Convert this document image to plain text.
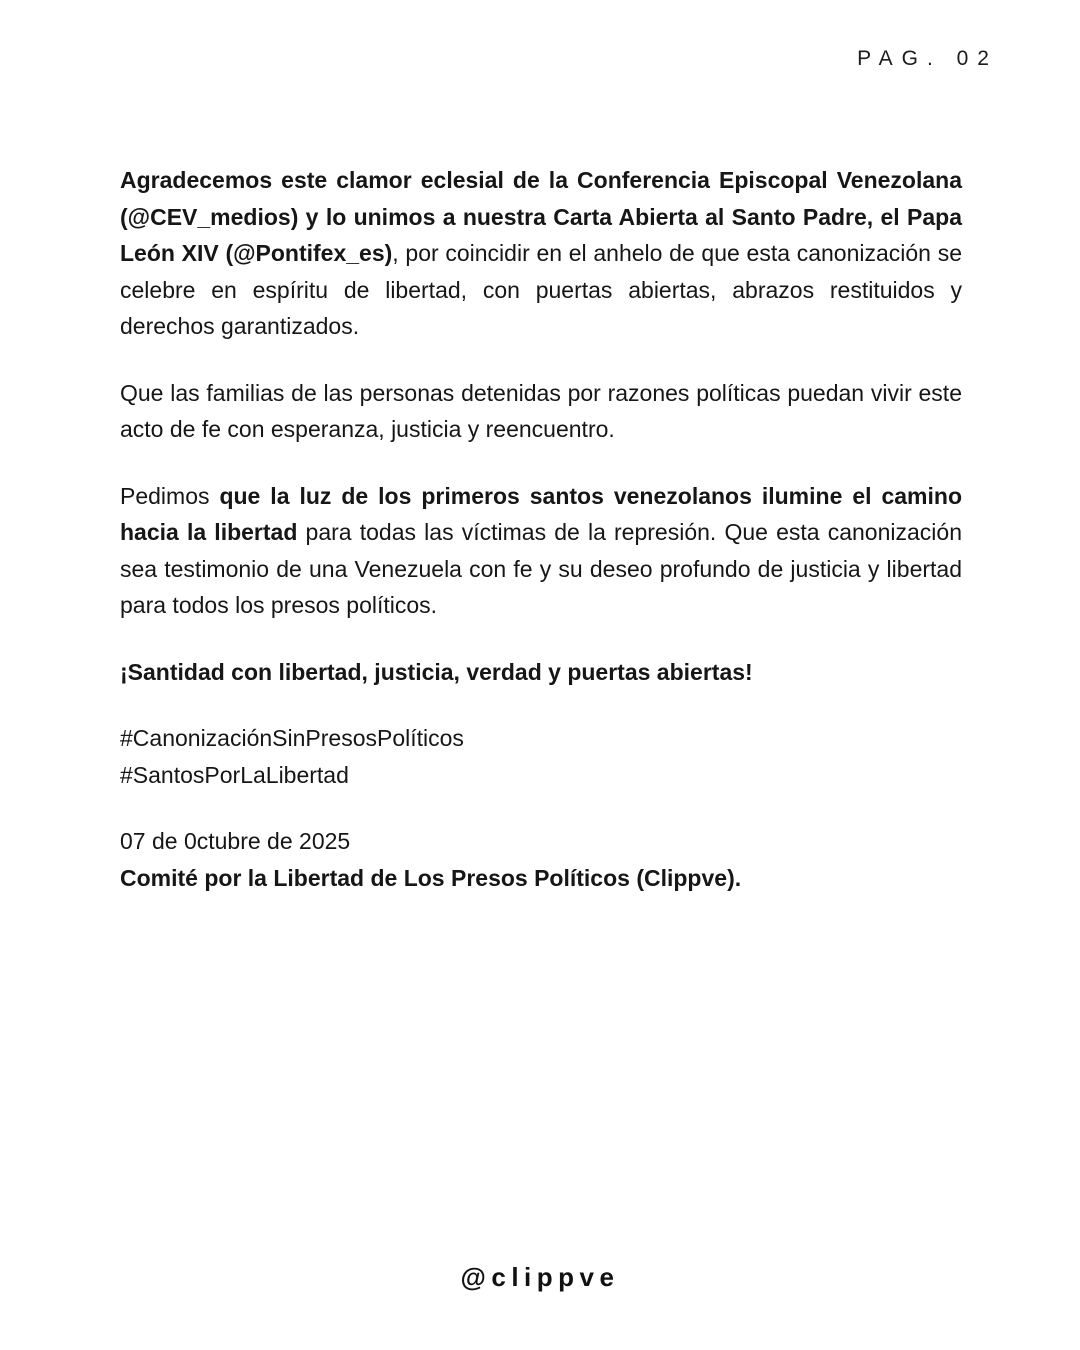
PAG. 02

Agradecemos este clamor eclesial de la Conferencia Episcopal Venezolana (@CEV_medios) y lo unimos a nuestra Carta Abierta al Santo Padre, el Papa León XIV (@Pontifex_es), por coincidir en el anhelo de que esta canonización se celebre en espíritu de libertad, con puertas abiertas, abrazos restituidos y derechos garantizados.

Que las familias de las personas detenidas por razones políticas puedan vivir este acto de fe con esperanza, justicia y reencuentro.

Pedimos que la luz de los primeros santos venezolanos ilumine el camino hacia la libertad para todas las víctimas de la represión. Que esta canonización sea testimonio de una Venezuela con fe y su deseo profundo de justicia y libertad para todos los presos políticos.

¡Santidad con libertad, justicia, verdad y puertas abiertas!

#CanonizaciónSinPresosPolíticos
#SantosPorLaLibertad

07 de 0ctubre de 2025
Comité por la Libertad de Los Presos Políticos (Clippve).

@clippve
